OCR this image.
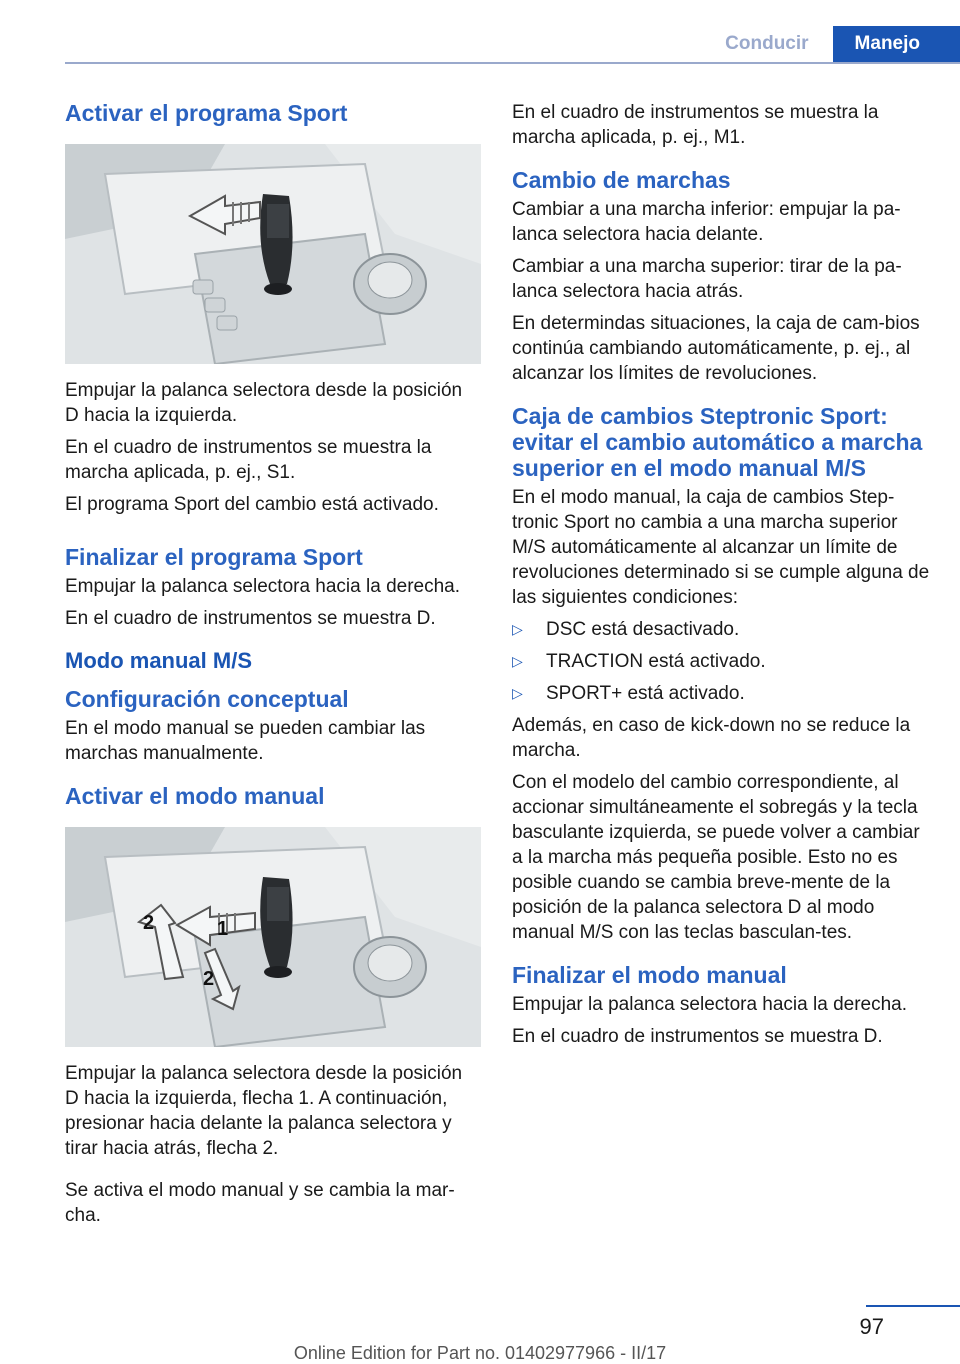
Conducir	Manejo
Activar el programa Sport

Empujar la palanca selectora desde la posición D hacia la izquierda.

En el cuadro de instrumentos se muestra la marcha aplicada, p. ej., S1.

El programa Sport del cambio está activado.

Finalizar el programa Sport

Empujar la palanca selectora hacia la derecha.

En el cuadro de instrumentos se muestra D.

Modo manual M/S
Configuración conceptual

En el modo manual se pueden cambiar las marchas manualmente.

Activar el modo manual
1
2
2

Empujar la palanca selectora desde la posición D hacia la izquierda, flecha 1. A continuación, presionar hacia delante la palanca selectora y tirar hacia atrás, flecha 2.

Se activa el modo manual y se cambia la mar‐cha.

En el cuadro de instrumentos se muestra la marcha aplicada, p. ej., M1.

Cambio de marchas

Cambiar a una marcha inferior: empujar la pa‐lanca selectora hacia delante.

Cambiar a una marcha superior: tirar de la pa‐lanca selectora hacia atrás.

En determindas situaciones, la caja de cam‐bios continúa cambiando automáticamente, p. ej., al alcanzar los límites de revoluciones.

Caja de cambios Steptronic Sport: evitar el cambio automático a marcha superior en el modo manual M/S

En el modo manual, la caja de cambios Step‐tronic Sport no cambia a una marcha superior M/S automáticamente al alcanzar un límite de revoluciones determinado si se cumple alguna de las siguientes condiciones:

▷ DSC está desactivado.
▷ TRACTION está activado.
▷ SPORT+ está activado.

Además, en caso de kick-down no se reduce la marcha.

Con el modelo del cambio correspondiente, al accionar simultáneamente el sobregás y la tecla basculante izquierda, se puede volver a cambiar a la marcha más pequeña posible. Esto no es posible cuando se cambia breve‐mente de la posición de la palanca selectora D al modo manual M/S con las teclas basculan‐tes.

Finalizar el modo manual

Empujar la palanca selectora hacia la derecha.

En el cuadro de instrumentos se muestra D.

97
Online Edition for Part no. 01402977966 - II/17
